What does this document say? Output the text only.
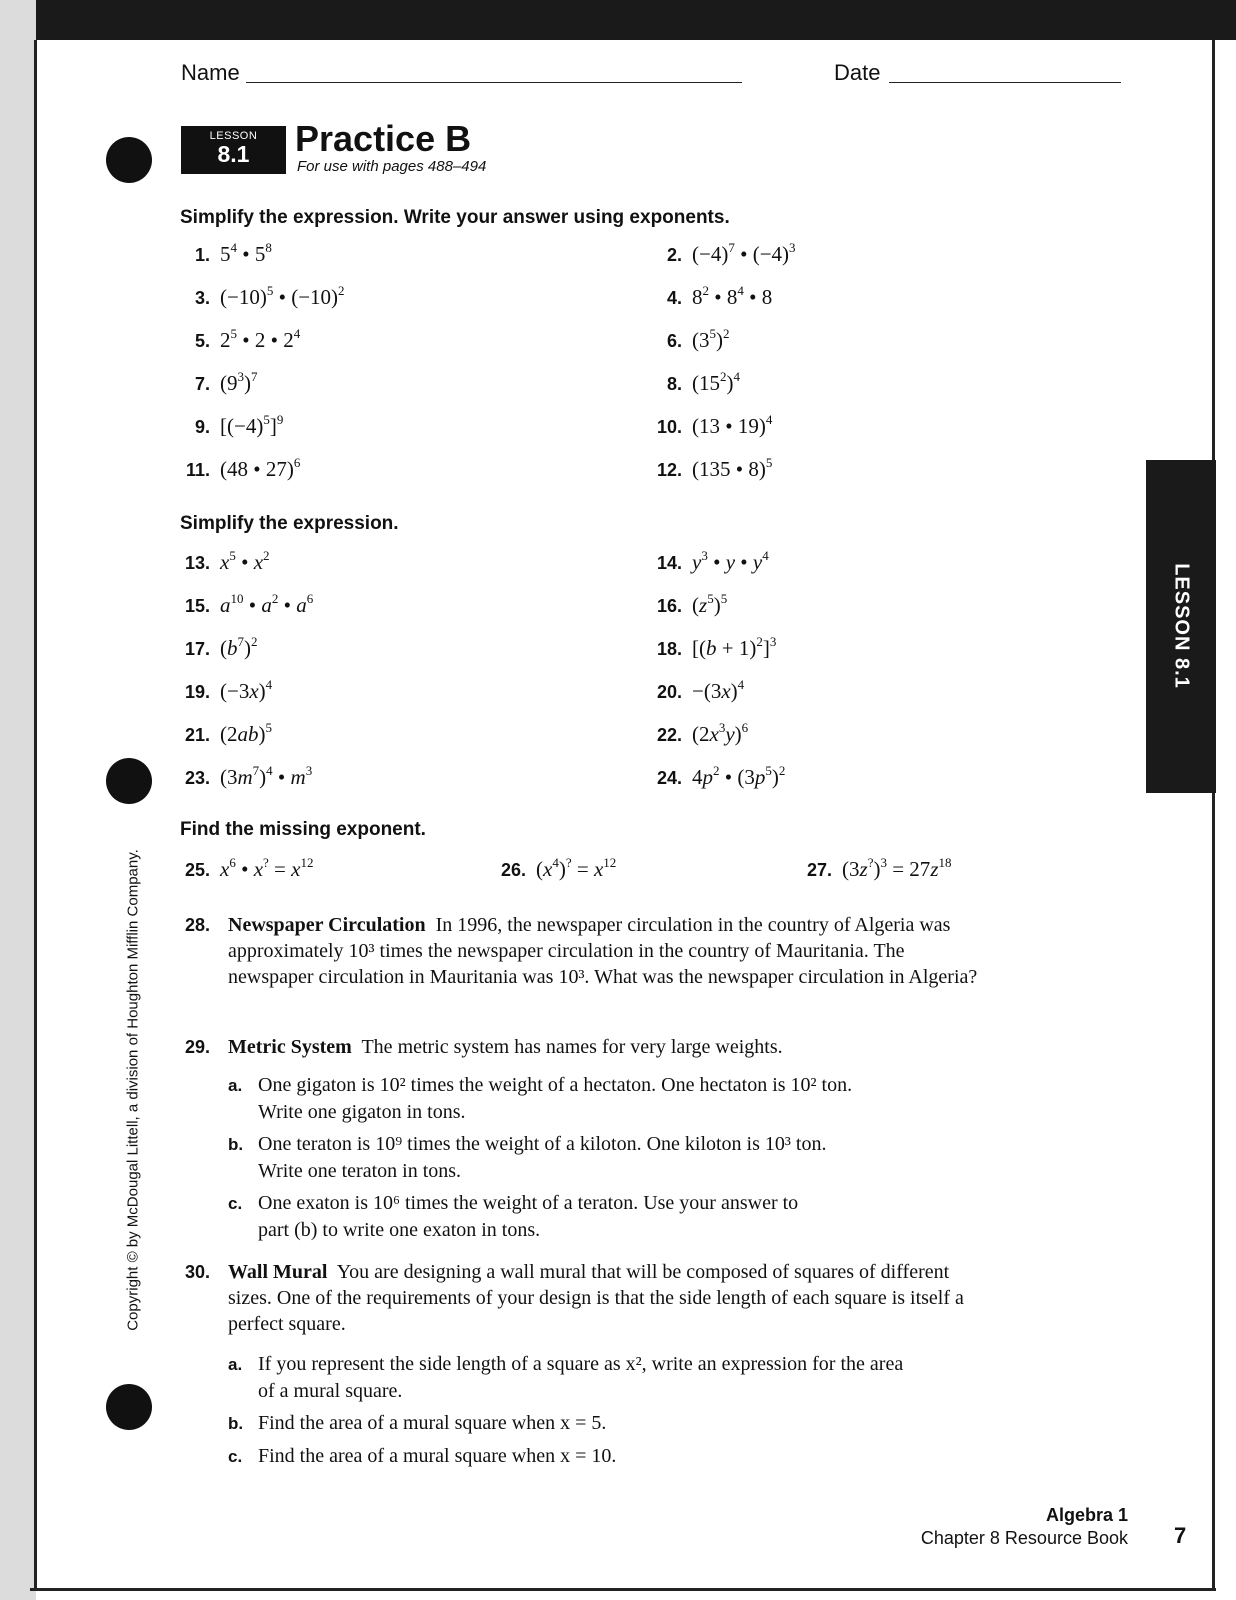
Name	Date
LESSON
8.1	Practice B
For use with pages 488–494
Simplify the expression. Write your answer using exponents.
1. $5^4$ • $5^8$	2. $(-4)^7$ • $(-4)^3$
3. $(-10)^5$ • $(-10)^2$	4. $8^2$ • $8^4$ • 8
5. $2^5$ • 2 • $2^4$	6. $(3^5)^2$
7. $(9^3)^7$	8. $(15^2)^4$
9. $[(-4)^5]^9$	10. (13 • 19)$^4$
11. (48 • 27)$^6$	12. (135 • 8)$^5$
Simplify the expression.
13. $x^5$ • $x^2$	14. $y^3$ • y • $y^4$
15. $a^{10}$ • $a^2$ • $a^6$	16. $(z^5)^5$
17. $(b^7)^2$	18. $[(b + 1)^2]^3$
19. $(-3x)^4$	20. $-(3x)^4$
21. $(2ab)^5$	22. $(2x^3y)^6$
23. $(3m^7)^4$ • $m^3$	24. $4p^2$ • $(3p^5)^2$
Find the missing exponent.
25. $x^6$ • $x^? = x^{12}$	26. $(x^4)^? = x^{12}$	27. $(3z^?)^3 = 27z^{18}$
28. Newspaper Circulation In 1996, the newspaper circulation in the country of Algeria was approximately 10³ times the newspaper circulation in the country of Mauritania. The newspaper circulation in Mauritania was 10³. What was the newspaper circulation in Algeria?
29. Metric System The metric system has names for very large weights.
a. One gigaton is 10² times the weight of a hectaton. One hectaton is 10² ton.
Write one gigaton in tons.
b. One teraton is 10⁹ times the weight of a kiloton. One kiloton is 10³ ton.
Write one teraton in tons.
c. One exaton is 10⁶ times the weight of a teraton. Use your answer to
part (b) to write one exaton in tons.
30. Wall Mural You are designing a wall mural that will be composed of squares of different sizes. One of the requirements of your design is that the side length of each square is itself a perfect square.
a. If you represent the side length of a square as x², write an expression for the area
of a mural square.
b. Find the area of a mural square when x = 5.
c. Find the area of a mural square when x = 10.
LESSON 8.1
Copyright © by McDougal Littell, a division of Houghton Mifflin Company.
Algebra 1
Chapter 8 Resource Book 7
